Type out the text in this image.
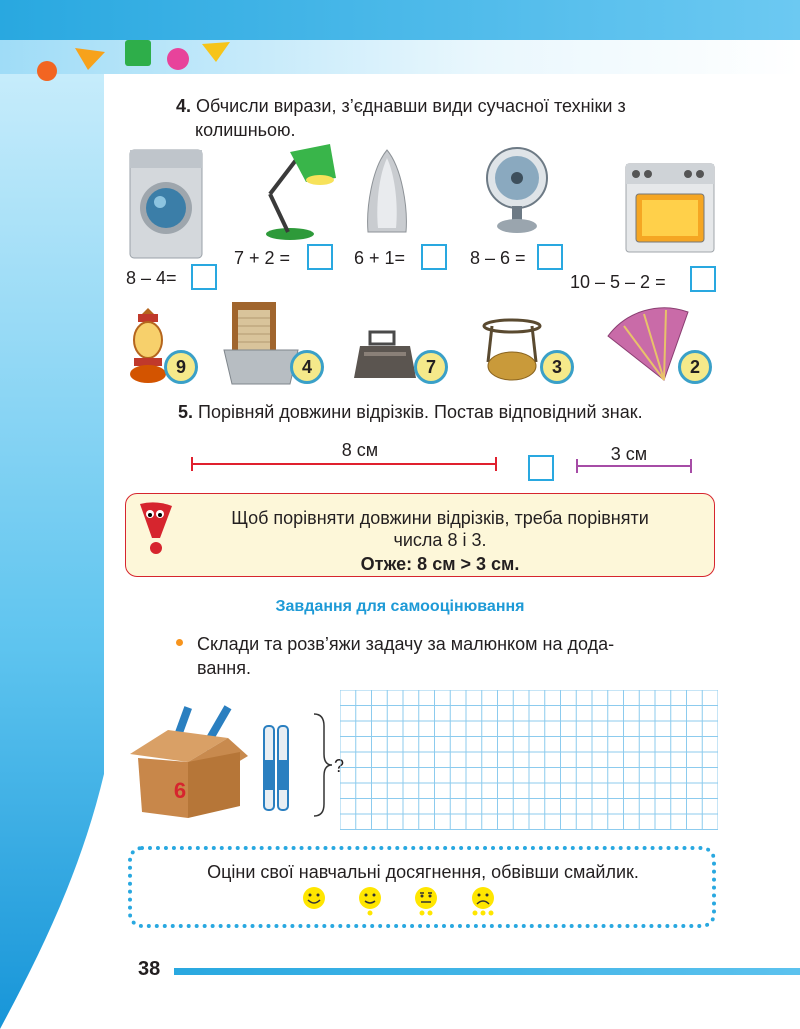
4. Обчисли вирази, з’єднавши види сучасної техніки з
колишньою.
8 – 4=
7 + 2 =	6 + 1=	8 – 6 =
10 – 5 – 2 =
9	4	7	3	2
5. Порівняй довжини відрізків. Постав відповідний знак.
8 см	3 см
Щоб порівняти довжини відрізків, треба порівняти
числа 8 і 3.
Отже: 8 см > 3 см.
Завдання для самооцінювання
Склади та розв’яжи задачу за малюнком на дода-
вання.
6
?
Оціни свої навчальні досягнення, обвівши смайлик.
38
